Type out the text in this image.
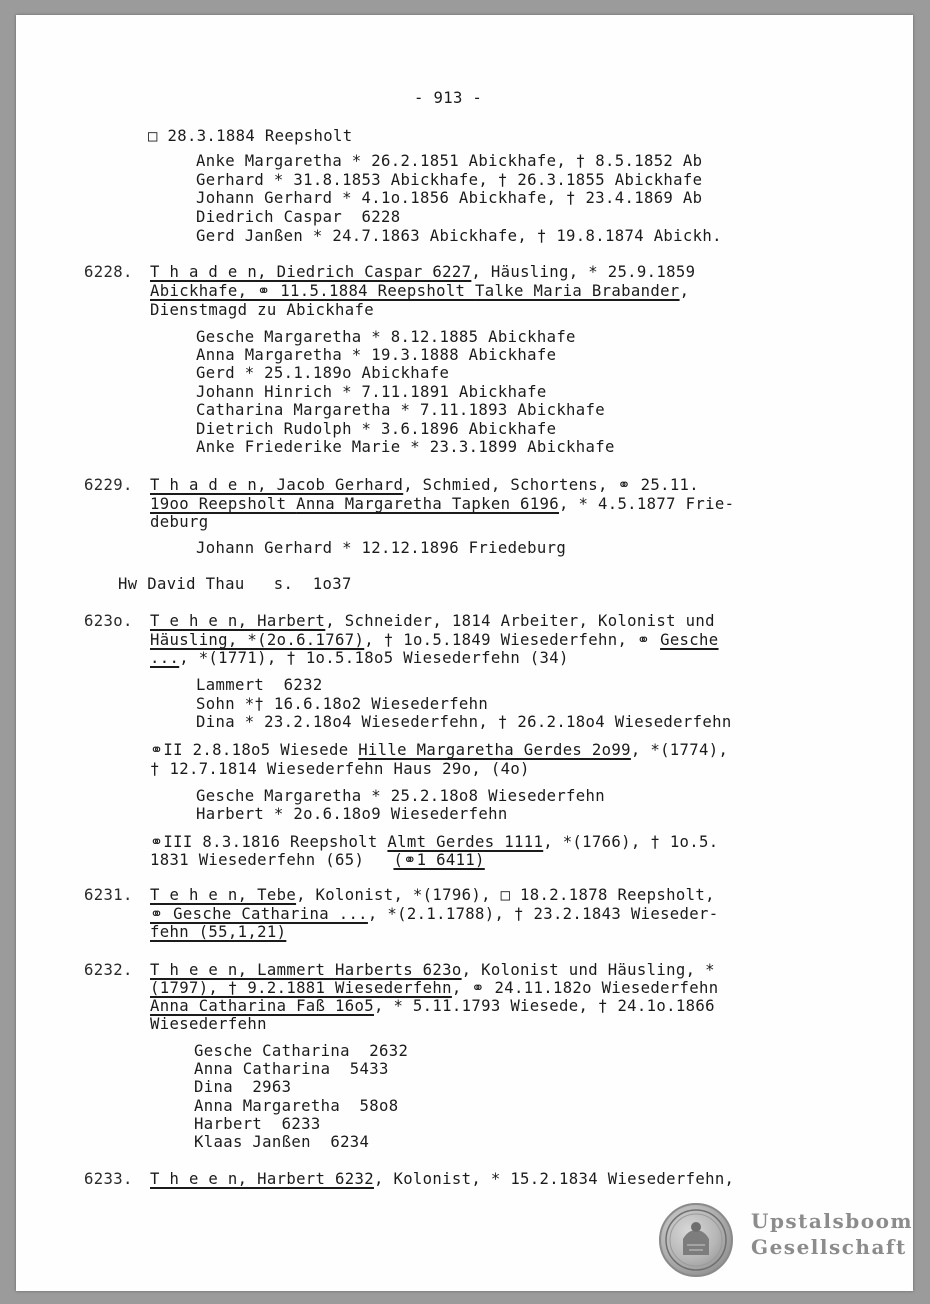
- 913 -
□ 28.3.1884 Reepsholt
Anke Margaretha * 26.2.1851 Abickhafe, † 8.5.1852 Ab
Gerhard * 31.8.1853 Abickhafe, † 26.3.1855 Abickhafe
Johann Gerhard * 4.1o.1856 Abickhafe, † 23.4.1869 Ab
Diedrich Caspar  6228
Gerd Janßen * 24.7.1863 Abickhafe, † 19.8.1874 Abickh.
6228. T h a d e n, Diedrich Caspar 6227, Häusling, * 25.9.1859
Abickhafe, ⚭ 11.5.1884 Reepsholt Talke Maria Brabander,
Dienstmagd zu Abickhafe
Gesche Margaretha * 8.12.1885 Abickhafe
Anna Margaretha * 19.3.1888 Abickhafe
Gerd * 25.1.189o Abickhafe
Johann Hinrich * 7.11.1891 Abickhafe
Catharina Margaretha * 7.11.1893 Abickhafe
Dietrich Rudolph * 3.6.1896 Abickhafe
Anke Friederike Marie * 23.3.1899 Abickhafe
6229. T h a d e n, Jacob Gerhard, Schmied, Schortens, ⚭ 25.11.
19oo Reepsholt Anna Margaretha Tapken 6196, * 4.5.1877 Frie-
deburg
Johann Gerhard * 12.12.1896 Friedeburg
Hw David Thau   s.  1o37
623o. T e h e n, Harbert, Schneider, 1814 Arbeiter, Kolonist und
Häusling, *(2o.6.1767), † 1o.5.1849 Wiesederfehn, ⚭ Gesche
..., *(1771), † 1o.5.18o5 Wiesederfehn (34)
Lammert  6232
Sohn *† 16.6.18o2 Wiesederfehn
Dina * 23.2.18o4 Wiesederfehn, † 26.2.18o4 Wiesederfehn
⚭II 2.8.18o5 Wiesede Hille Margaretha Gerdes 2o99, *(1774),
† 12.7.1814 Wiesederfehn Haus 29o, (4o)
Gesche Margaretha * 25.2.18o8 Wiesederfehn
Harbert * 2o.6.18o9 Wiesederfehn
⚭III 8.3.1816 Reepsholt Almt Gerdes 1111, *(1766), † 1o.5.
1831 Wiesederfehn (65)   (⚭1 6411)
6231. T e h e n, Tebe, Kolonist, *(1796), □ 18.2.1878 Reepsholt,
⚭ Gesche Catharina ..., *(2.1.1788), † 23.2.1843 Wieseder-
fehn (55,1,21)
6232. T h e e n, Lammert Harberts 623o, Kolonist und Häusling, *
(1797), † 9.2.1881 Wiesederfehn, ⚭ 24.11.182o Wiesederfehn
Anna Catharina Faß 16o5, * 5.11.1793 Wiesede, † 24.1o.1866
Wiesederfehn
Gesche Catharina  2632
Anna Catharina  5433
Dina  2963
Anna Margaretha  58o8
Harbert  6233
Klaas Janßen  6234
6233. T h e e n, Harbert 6232, Kolonist, * 15.2.1834 Wiesederfehn,
Upstalsboom
Gesellschaft
